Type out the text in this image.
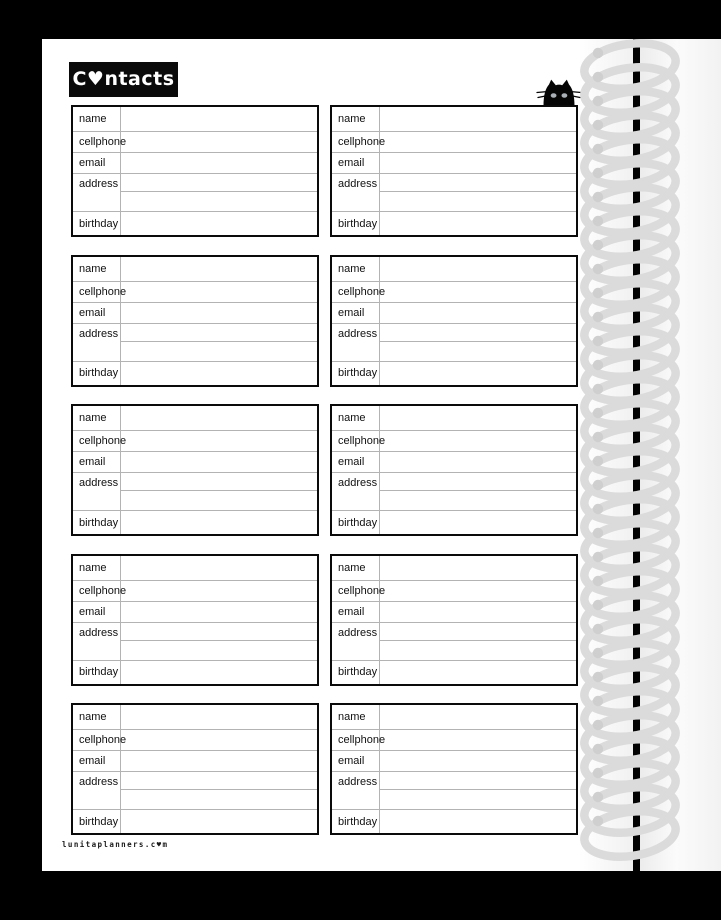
C♥ntacts
name
cellphone
email
address
birthday
name
cellphone
email
address
birthday
name
cellphone
email
address
birthday
name
cellphone
email
address
birthday
name
cellphone
email
address
birthday
name
cellphone
email
address
birthday
name
cellphone
email
address
birthday
name
cellphone
email
address
birthday
name
cellphone
email
address
birthday
name
cellphone
email
address
birthday
lunitaplanners.c♥m
